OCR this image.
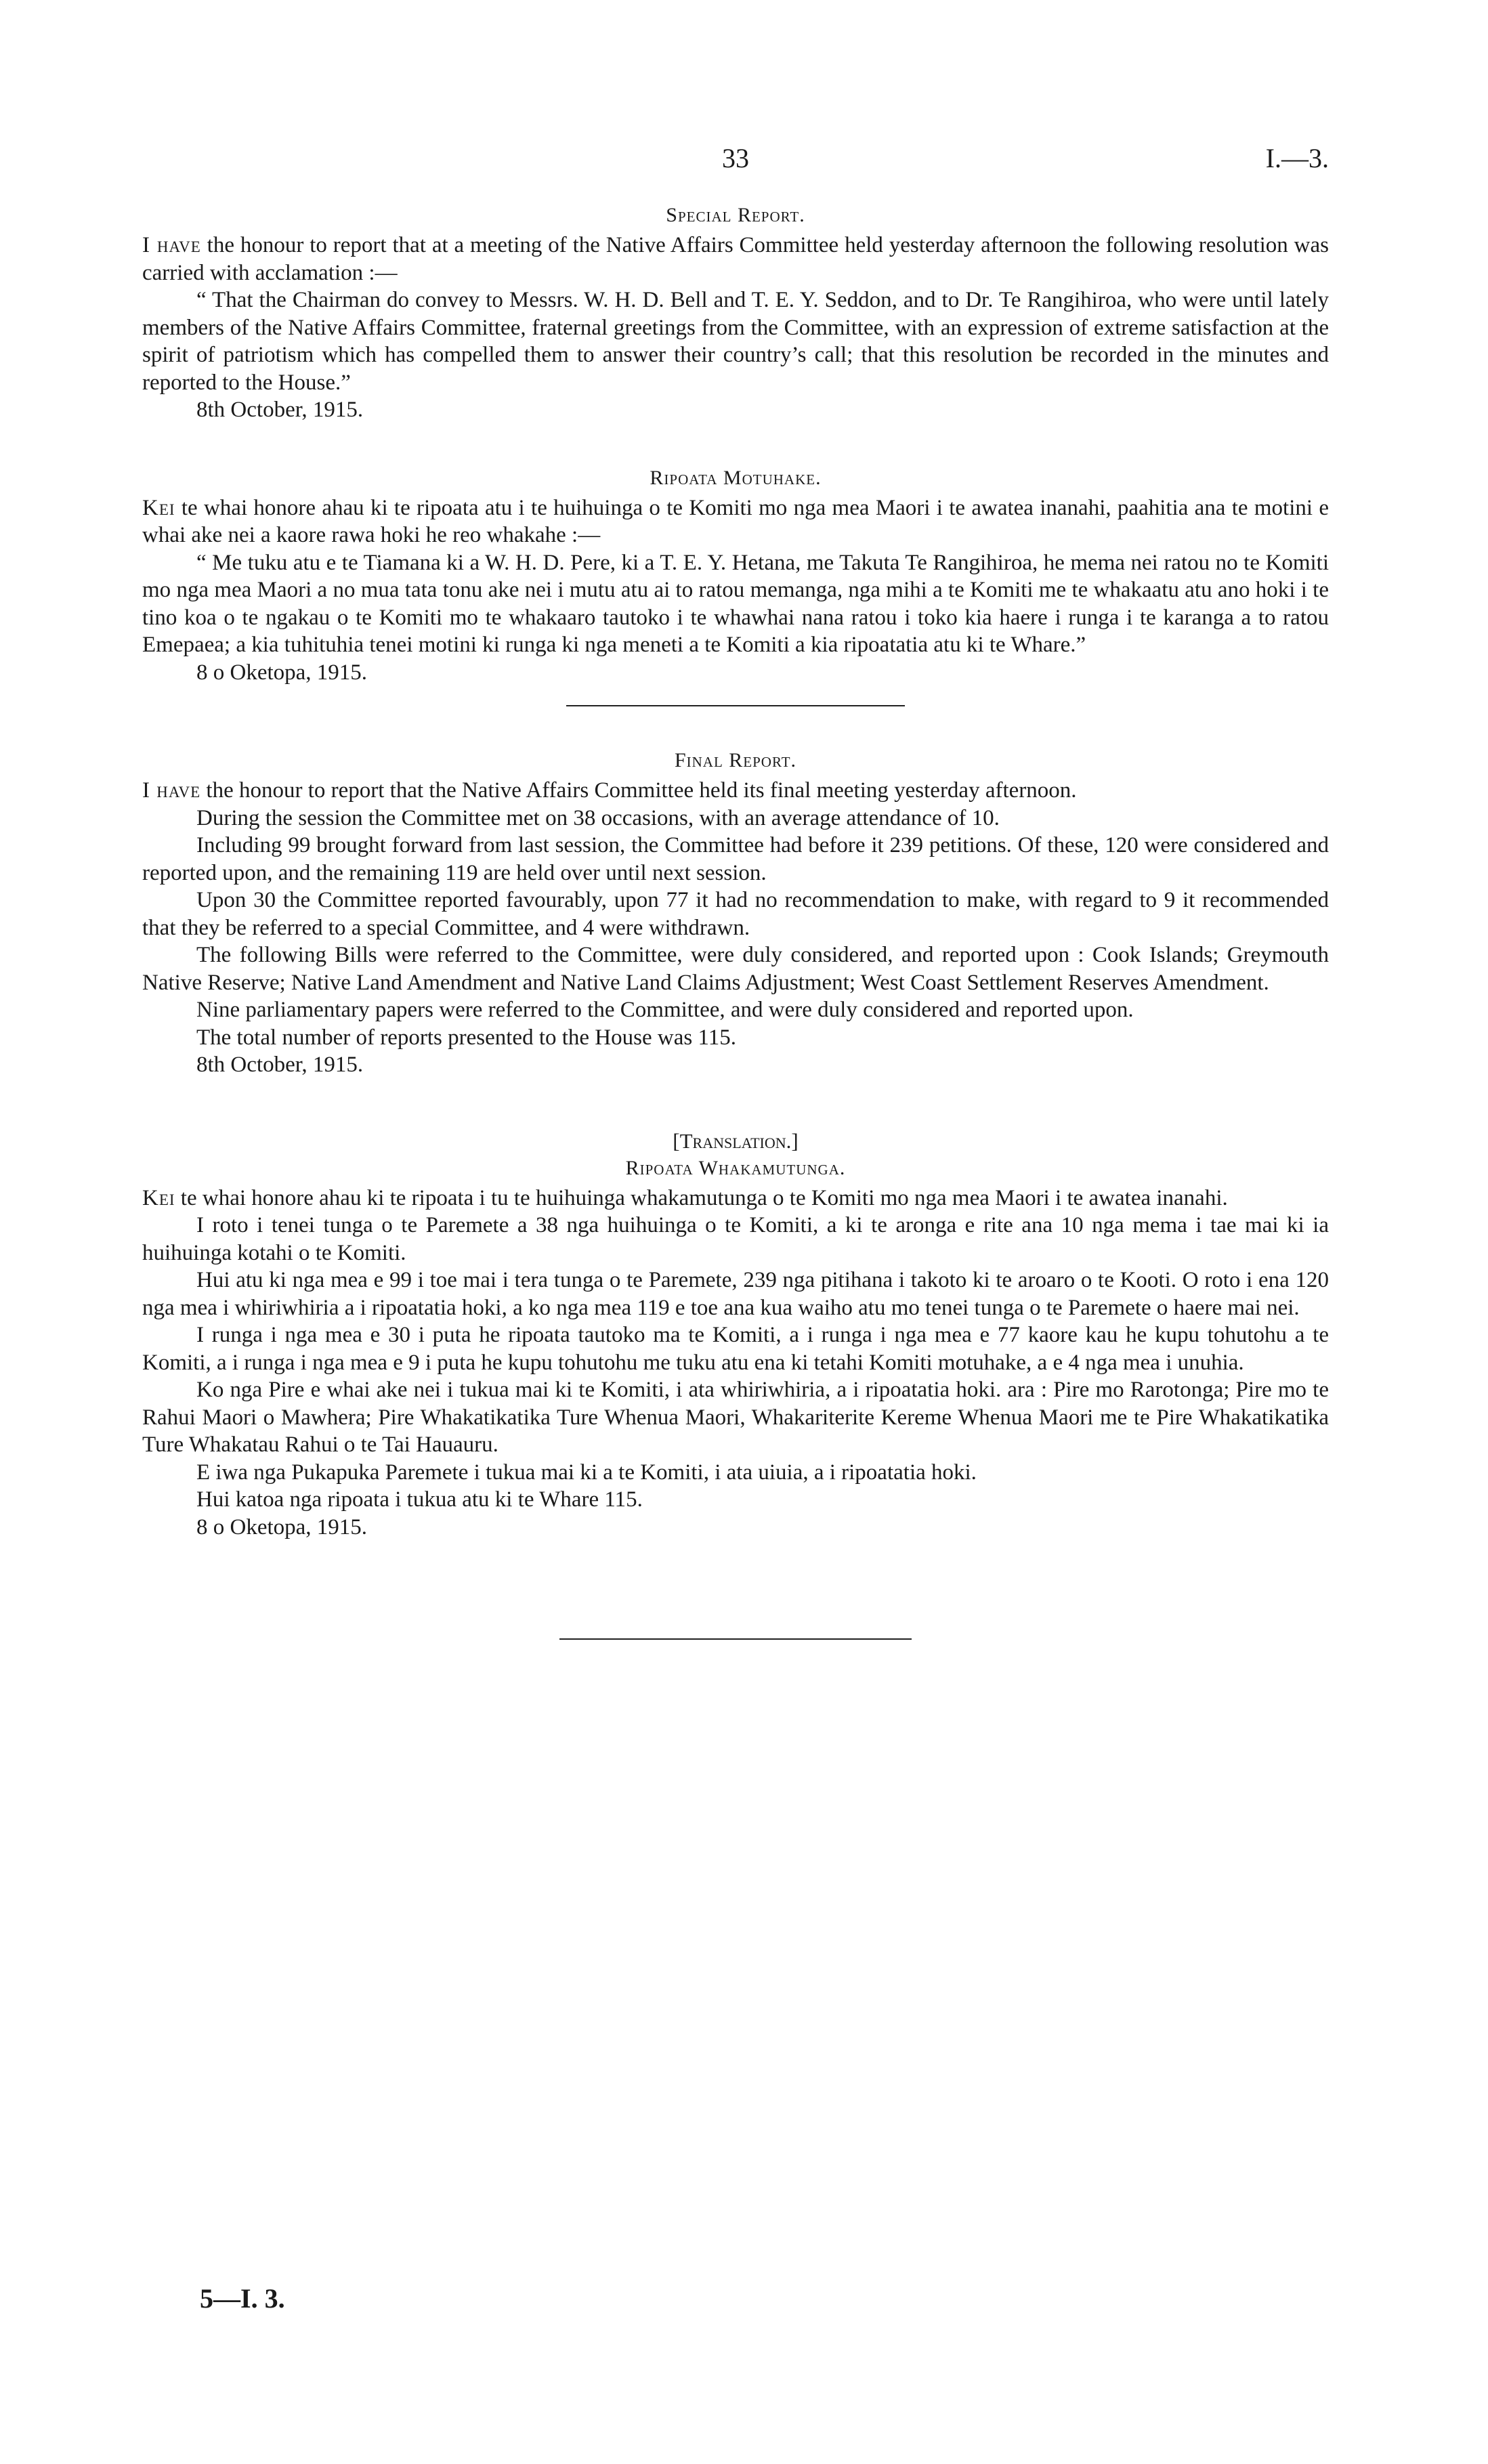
33	I.—3.
Special Report.

I have the honour to report that at a meeting of the Native Affairs Committee held yesterday afternoon the following resolution was carried with acclamation :—

“ That the Chairman do convey to Messrs. W. H. D. Bell and T. E. Y. Seddon, and to Dr. Te Rangihiroa, who were until lately members of the Native Affairs Committee, fraternal greetings from the Committee, with an expression of extreme satisfaction at the spirit of patriotism which has compelled them to answer their country’s call; that this resolution be recorded in the minutes and reported to the House.”

8th October, 1915.
Ripoata Motuhake.

Kei te whai honore ahau ki te ripoata atu i te huihuinga o te Komiti mo nga mea Maori i te awatea inanahi, paahitia ana te motini e whai ake nei a kaore rawa hoki he reo whakahe :—

“ Me tuku atu e te Tiamana ki a W. H. D. Pere, ki a T. E. Y. Hetana, me Takuta Te Rangihiroa, he mema nei ratou no te Komiti mo nga mea Maori a no mua tata tonu ake nei i mutu atu ai to ratou memanga, nga mihi a te Komiti me te whakaatu atu ano hoki i te tino koa o te ngakau o te Komiti mo te whakaaro tautoko i te whawhai nana ratou i toko kia haere i runga i te karanga a to ratou Emepaea; a kia tuhituhia tenei motini ki runga ki nga meneti a te Komiti a kia ripoatatia atu ki te Whare.”

8 o Oketopa, 1915.
Final Report.

I have the honour to report that the Native Affairs Committee held its final meeting yesterday afternoon.

During the session the Committee met on 38 occasions, with an average attendance of 10.

Including 99 brought forward from last session, the Committee had before it 239 petitions. Of these, 120 were considered and reported upon, and the remaining 119 are held over until next session.

Upon 30 the Committee reported favourably, upon 77 it had no recommendation to make, with regard to 9 it recommended that they be referred to a special Committee, and 4 were withdrawn.

The following Bills were referred to the Committee, were duly considered, and reported upon : Cook Islands; Greymouth Native Reserve; Native Land Amendment and Native Land Claims Adjustment; West Coast Settlement Reserves Amendment.

Nine parliamentary papers were referred to the Committee, and were duly considered and reported upon.

The total number of reports presented to the House was 115.

8th October, 1915.
[Translation.]
Ripoata Whakamutunga.

Kei te whai honore ahau ki te ripoata i tu te huihuinga whakamutunga o te Komiti mo nga mea Maori i te awatea inanahi.

I roto i tenei tunga o te Paremete a 38 nga huihuinga o te Komiti, a ki te aronga e rite ana 10 nga mema i tae mai ki ia huihuinga kotahi o te Komiti.

Hui atu ki nga mea e 99 i toe mai i tera tunga o te Paremete, 239 nga pitihana i takoto ki te aroaro o te Kooti. O roto i ena 120 nga mea i whiriwhiria a i ripoatatia hoki, a ko nga mea 119 e toe ana kua waiho atu mo tenei tunga o te Paremete o haere mai nei.

I runga i nga mea e 30 i puta he ripoata tautoko ma te Komiti, a i runga i nga mea e 77 kaore kau he kupu tohutohu a te Komiti, a i runga i nga mea e 9 i puta he kupu tohutohu me tuku atu ena ki tetahi Komiti motuhake, a e 4 nga mea i unuhia.

Ko nga Pire e whai ake nei i tukua mai ki te Komiti, i ata whiriwhiria, a i ripoatatia hoki. ara : Pire mo Rarotonga; Pire mo te Rahui Maori o Mawhera; Pire Whakatikatika Ture Whenua Maori, Whakariterite Kereme Whenua Maori me te Pire Whakatikatika Ture Whakatau Rahui o te Tai Hauauru.

E iwa nga Pukapuka Paremete i tukua mai ki a te Komiti, i ata uiuia, a i ripoatatia hoki.

Hui katoa nga ripoata i tukua atu ki te Whare 115.

8 o Oketopa, 1915.
5—I. 3.
